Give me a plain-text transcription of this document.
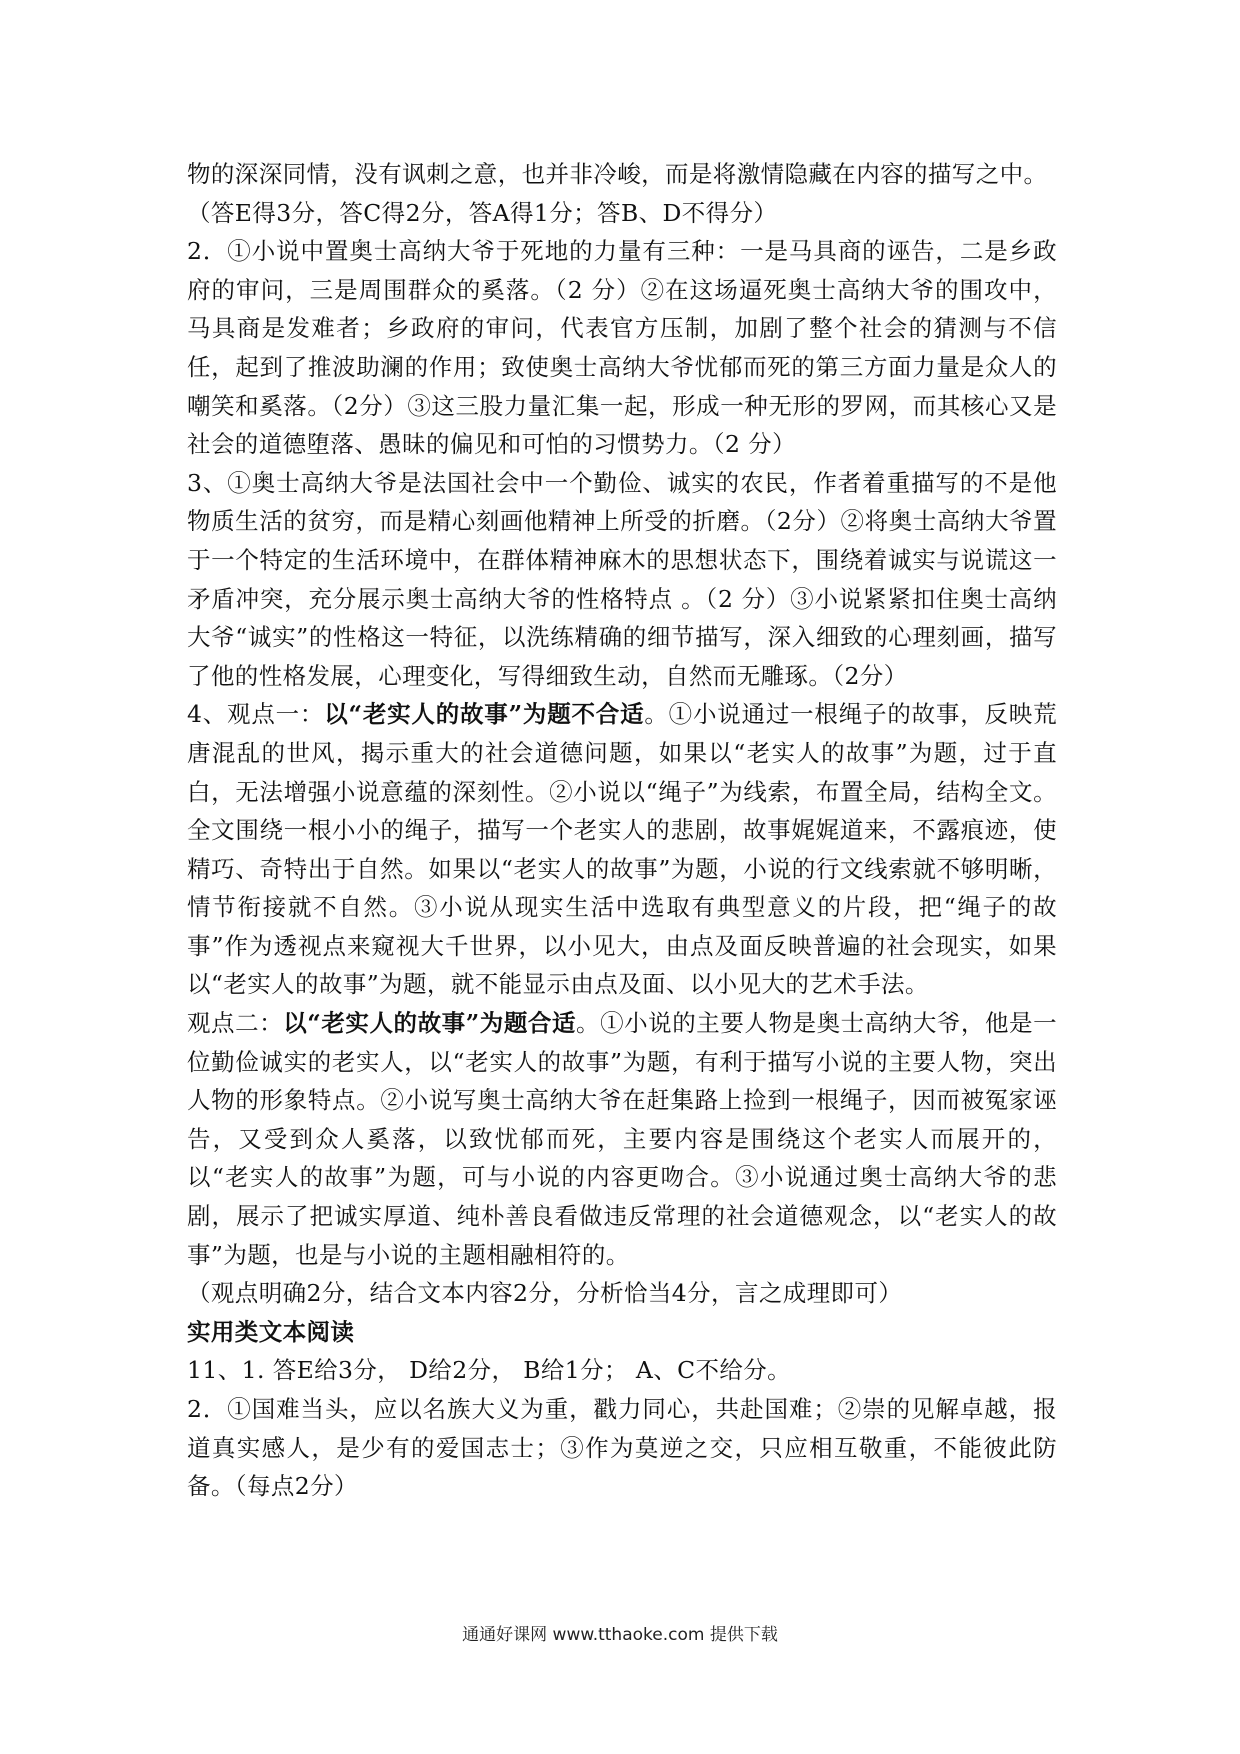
物的深深同情，没有讽刺之意，也并非冷峻，而是将激情隐藏在内容的描写之中。

（答E得3分，答C得2分，答A得1分；答B、D不得分）

2．①小说中置奥士高纳大爷于死地的力量有三种：一是马具商的诬告，二是乡政府的审问，三是周围群众的奚落。（2 分）②在这场逼死奥士高纳大爷的围攻中，马具商是发难者；乡政府的审问，代表官方压制，加剧了整个社会的猜测与不信任，起到了推波助澜的作用；致使奥士高纳大爷忧郁而死的第三方面力量是众人的嘲笑和奚落。（2分）③这三股力量汇集一起，形成一种无形的罗网，而其核心又是社会的道德堕落、愚昧的偏见和可怕的习惯势力。（2 分）

3、①奥士高纳大爷是法国社会中一个勤俭、诚实的农民，作者着重描写的不是他物质生活的贫穷，而是精心刻画他精神上所受的折磨。（2分）②将奥士高纳大爷置于一个特定的生活环境中，在群体精神麻木的思想状态下，围绕着诚实与说谎这一矛盾冲突，充分展示奥士高纳大爷的性格特点 。（2 分）③小说紧紧扣住奥士高纳大爷“诚实”的性格这一特征，以洗练精确的细节描写，深入细致的心理刻画，描写了他的性格发展，心理变化，写得细致生动，自然而无雕琢。（2分）

4、观点一：以“老实人的故事”为题不合适。①小说通过一根绳子的故事，反映荒唐混乱的世风，揭示重大的社会道德问题，如果以“老实人的故事”为题，过于直白，无法增强小说意蕴的深刻性。②小说以“绳子”为线索，布置全局，结构全文。全文围绕一根小小的绳子，描写一个老实人的悲剧，故事娓娓道来，不露痕迹，使精巧、奇特出于自然。如果以“老实人的故事”为题，小说的行文线索就不够明晰，情节衔接就不自然。③小说从现实生活中选取有典型意义的片段，把“绳子的故事”作为透视点来窥视大千世界，以小见大，由点及面反映普遍的社会现实，如果以“老实人的故事”为题，就不能显示由点及面、以小见大的艺术手法。

观点二：以“老实人的故事”为题合适。①小说的主要人物是奥士高纳大爷，他是一位勤俭诚实的老实人，以“老实人的故事”为题，有利于描写小说的主要人物，突出人物的形象特点。②小说写奥士高纳大爷在赶集路上捡到一根绳子，因而被冤家诬告，又受到众人奚落，以致忧郁而死，主要内容是围绕这个老实人而展开的，以“老实人的故事”为题，可与小说的内容更吻合。③小说通过奥士高纳大爷的悲剧，展示了把诚实厚道、纯朴善良看做违反常理的社会道德观念，以“老实人的故事”为题，也是与小说的主题相融相符的。

（观点明确2分，结合文本内容2分，分析恰当4分，言之成理即可）

实用类文本阅读

11、1. 答E给3分， D给2分， B给1分； A、C不给分。

2．①国难当头，应以名族大义为重，戳力同心，共赴国难；②崇的见解卓越，报道真实感人，是少有的爱国志士；③作为莫逆之交，只应相互敬重，不能彼此防备。（每点2分）

通通好课网 www.tthaoke.com 提供下载
